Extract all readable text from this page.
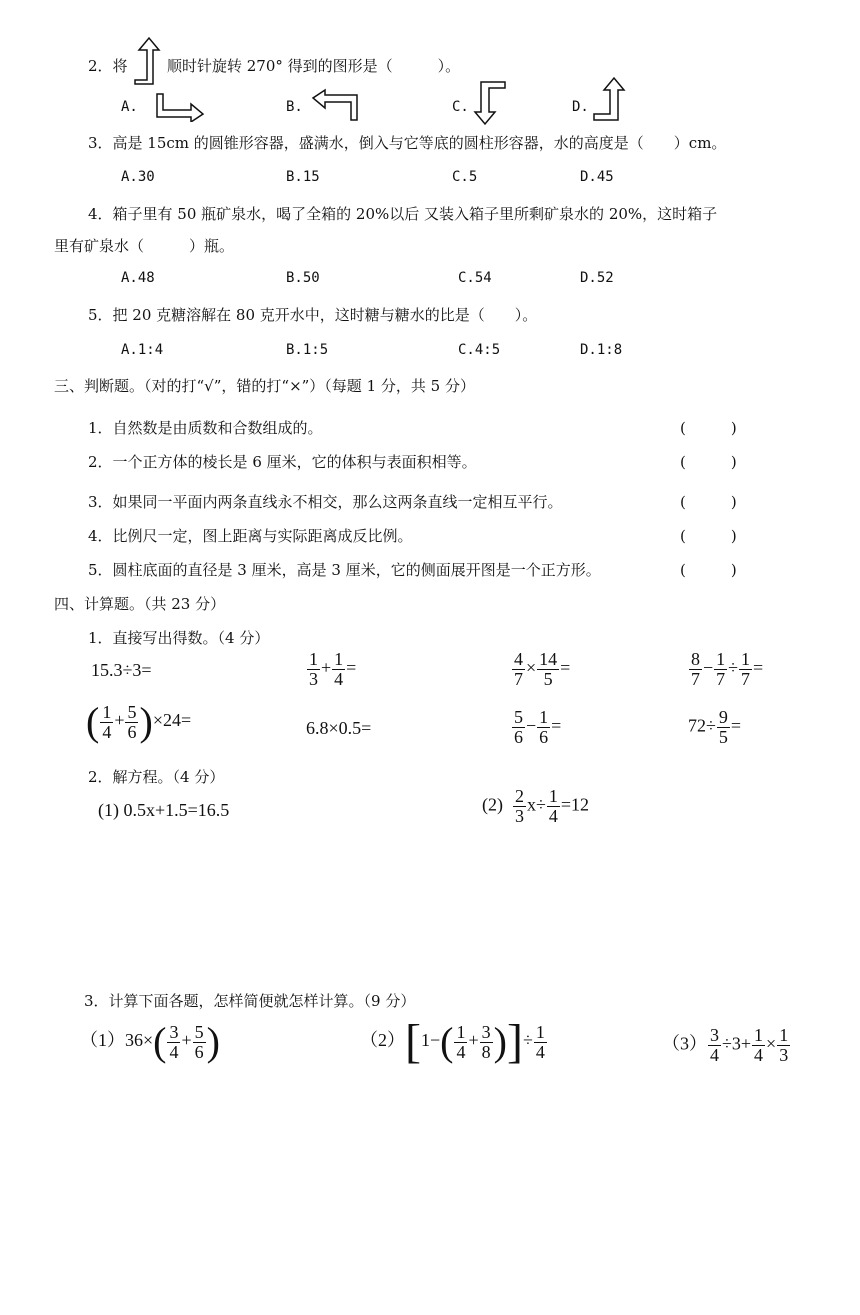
2．将	顺时针旋转 270° 得到的图形是（　　　）。
A.	B.	C.	D.
3．高是 15cm 的圆锥形容器，盛满水，倒入与它等底的圆柱形容器，水的高度是（　　）cm。
A.30	B.15	C.5	D.45
4．箱子里有 50 瓶矿泉水，喝了全箱的 20%以后 又装入箱子里所剩矿泉水的 20%，这时箱子
里有矿泉水（　　　）瓶。
A.48	B.50	C.54	D.52
5．把 20 克糖溶解在 80 克开水中，这时糖与糖水的比是（　　）。
A.1:4	B.1:5	C.4:5	D.1:8
三、判断题。（对的打“√”，错的打“×”）（每题 1 分，共 5 分）
1．自然数是由质数和合数组成的。	(　　　)
2．一个正方体的棱长是 6 厘米，它的体积与表面积相等。	(　　　)
3．如果同一平面内两条直线永不相交，那么这两条直线一定相互平行。	(　　　)
4．比例尺一定，图上距离与实际距离成反比例。	(　　　)
5．圆柱底面的直径是 3 厘米，高是 3 厘米，它的侧面展开图是一个正方形。	(　　　)
四、计算题。（共 23 分）
1．直接写出得数。（4 分）
15.3÷3=	$\frac{1}{3} + \frac{1}{4}$ =	$\frac{4}{7} \times \frac{14}{5}$ =	$\frac{8}{7} - \frac{1}{7} \div \frac{1}{7}$ =
( $\frac{1}{4} + \frac{5}{6} )\times 24=$	6.8×0.5=	$\frac{5}{6} - \frac{1}{6}$ =	$72\div \frac{9}{5}$ =
2．解方程。（4 分）
(1) 0.5x+1.5=16.5	$(2) \frac{2}{3} x\div \frac{1}{4} =12$
3．计算下面各题，怎样简便就怎样计算。（9 分）
$(1)36\times( \frac{3}{4} + \frac{5}{6}$ )	$(2)[1-( \frac{1}{4} + \frac{3}{8}$ )]÷ $\frac{1}{4}$	$(3) \frac{3}{4} \div 3+ \frac{1}{4} \times \frac{1}{3}$
